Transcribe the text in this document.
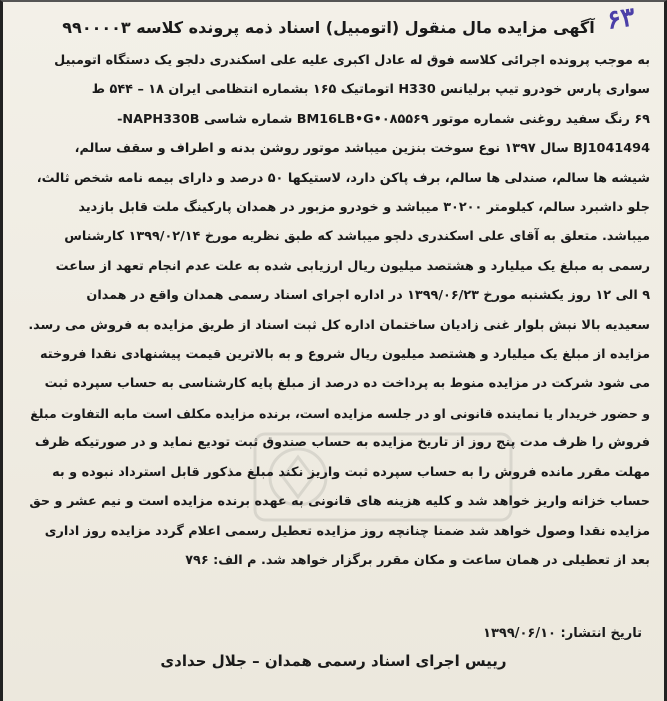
۶۳
آگهی مزایده مال منقول (اتومبیل) اسناد ذمه پرونده کلاسه ۹۹۰۰۰۰۳
به موجب پرونده اجرائی کلاسه فوق له عادل اکبری علیه علی اسکندری دلجو یک دستگاه اتومبیل
سواری پارس خودرو تیپ برلیانس H330 اتوماتیک ۱۶۵ بشماره انتظامی ایران ۱۸ – ۵۴۴ ط
۶۹ رنگ سفید روغنی شماره موتور BM16LB•G•۰۸۵۵۶۹ شماره شاسی NAPH330B-
BJ1041494 سال ۱۳۹۷ نوع سوخت بنزین میباشد موتور روشن بدنه و اطراف و سقف سالم،
شیشه ها سالم، صندلی ها سالم، برف پاکن دارد، لاستیکها ۵۰ درصد و دارای بیمه نامه شخص ثالث،
جلو داشبرد سالم، کیلومتر ۳۰۲۰۰ میباشد و خودرو مزبور در همدان پارکینگ ملت قابل بازدید
میباشد. متعلق به آقای علی اسکندری دلجو میباشد که طبق نظریه مورخ ۱۳۹۹/۰۲/۱۴ کارشناس
رسمی به مبلغ یک میلیارد و هشتصد میلیون ریال ارزیابی شده به علت عدم انجام تعهد از ساعت
۹ الی ۱۲ روز یکشنبه مورخ ۱۳۹۹/۰۶/۲۳ در اداره اجرای اسناد رسمی همدان واقع در همدان
سعیدیه بالا نبش بلوار غنی زادیان ساختمان اداره کل ثبت اسناد از طریق مزایده به فروش می رسد.
مزایده از مبلغ یک میلیارد و هشتصد میلیون ریال شروع و به بالاترین قیمت پیشنهادی نقدا فروخته
می شود شرکت در مزایده منوط به پرداخت ده درصد از مبلغ پایه کارشناسی به حساب سپرده ثبت
و حضور خریدار یا نماینده قانونی او در جلسه مزایده است، برنده مزایده مکلف است مابه التفاوت مبلغ
فروش را ظرف مدت پنج روز از تاریخ مزایده به حساب صندوق ثبت تودیع نماید و در صورتیکه ظرف
مهلت مقرر مانده فروش را به حساب سپرده ثبت واریز نکند مبلغ مذکور قابل استرداد نبوده و به
حساب خزانه واریز خواهد شد و کلیه هزینه های قانونی به عهده برنده مزایده است و نیم عشر و حق
مزایده نقدا وصول خواهد شد ضمنا چنانچه روز مزایده تعطیل رسمی اعلام گردد مزایده روز اداری
بعد از تعطیلی در همان ساعت و مکان مقرر برگزار خواهد شد. م الف: ۷۹۶
تاریخ انتشار: ۱۳۹۹/۰۶/۱۰
رییس اجرای اسناد رسمی همدان – جلال حدادی
